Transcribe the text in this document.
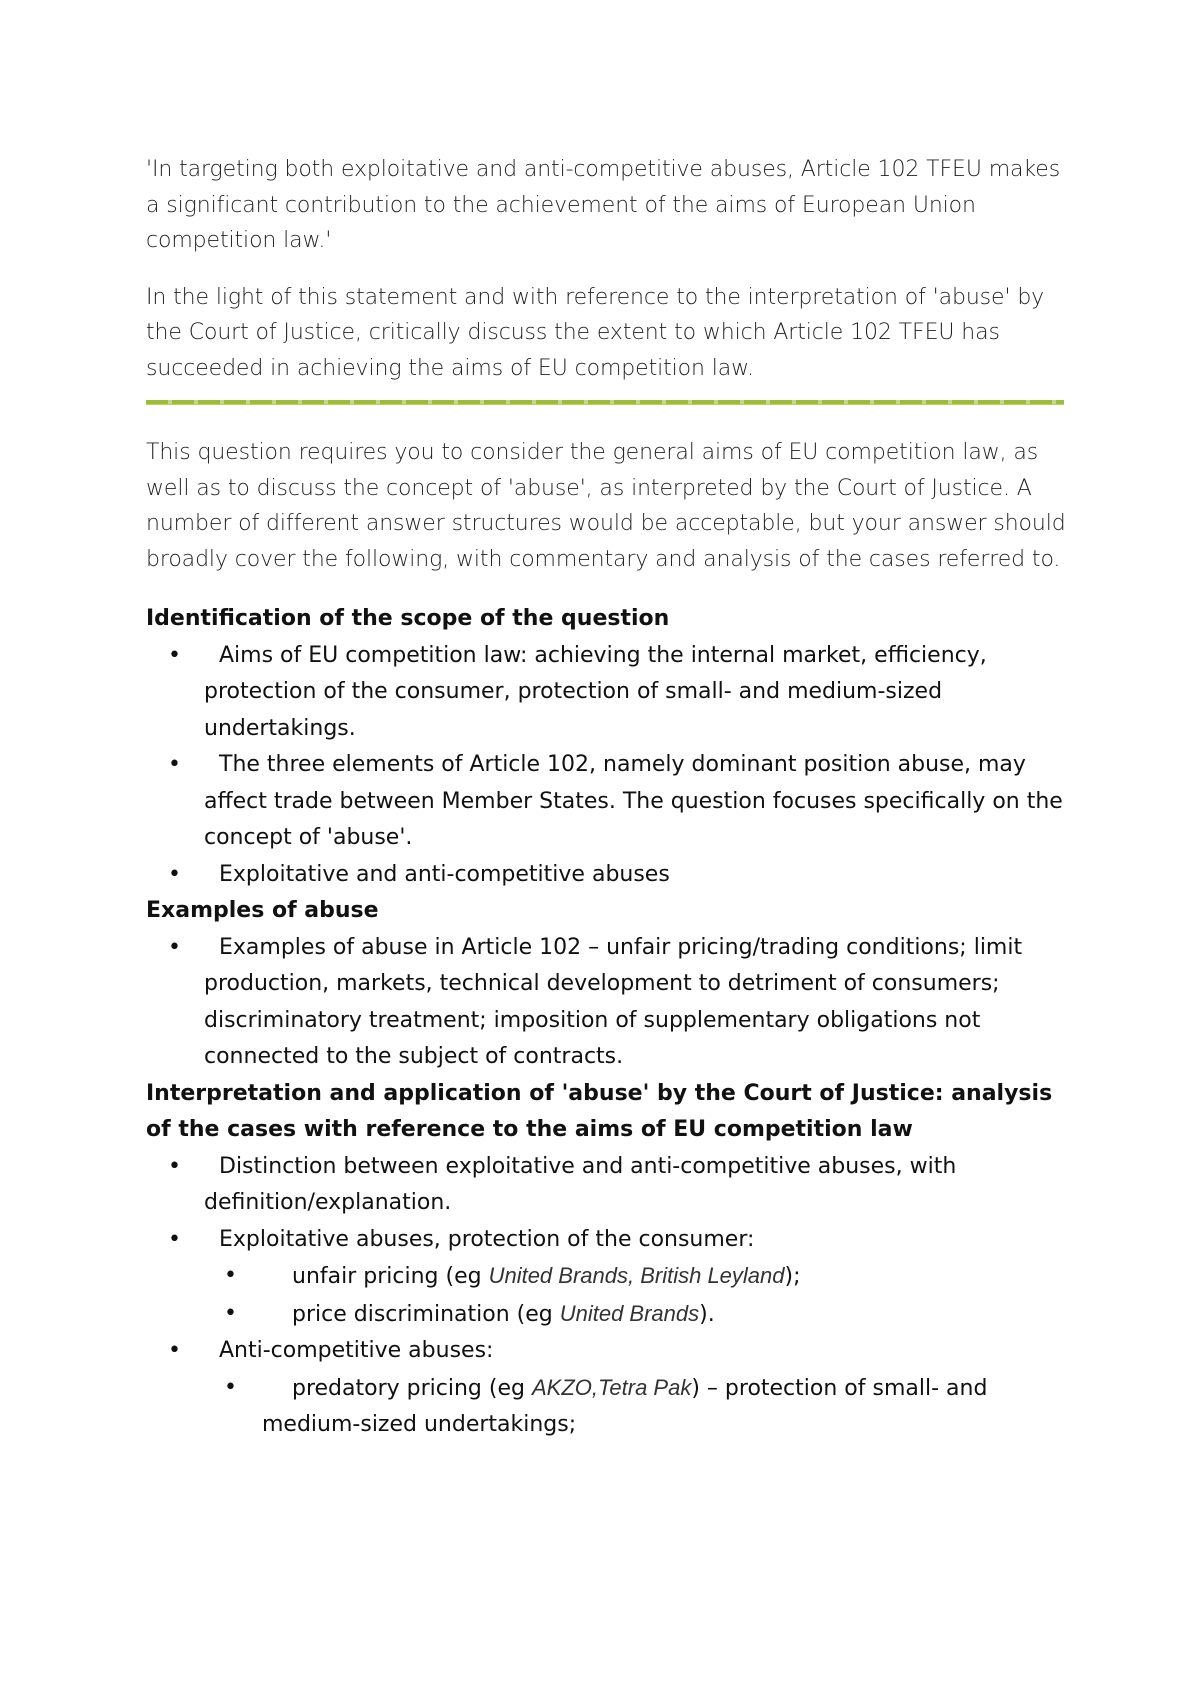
'In targeting both exploitative and anti-competitive abuses, Article 102 TFEU makes a significant contribution to the achievement of the aims of European Union competition law.'

In the light of this statement and with reference to the interpretation of 'abuse' by the Court of Justice, critically discuss the extent to which Article 102 TFEU has succeeded in achieving the aims of EU competition law.

This question requires you to consider the general aims of EU competition law, as well as to discuss the concept of 'abuse', as interpreted by the Court of Justice. A number of different answer structures would be acceptable, but your answer should broadly cover the following, with commentary and analysis of the cases referred to.

Identification of the scope of the question

• Aims of EU competition law: achieving the internal market, efficiency, protection of the consumer, protection of small- and medium-sized undertakings.
• The three elements of Article 102, namely dominant position abuse, may affect trade between Member States. The question focuses specifically on the concept of 'abuse'.
• Exploitative and anti-competitive abuses

Examples of abuse

• Examples of abuse in Article 102 – unfair pricing/trading conditions; limit production, markets, technical development to detriment of consumers; discriminatory treatment; imposition of supplementary obligations not connected to the subject of contracts.

Interpretation and application of 'abuse' by the Court of Justice: analysis of the cases with reference to the aims of EU competition law

• Distinction between exploitative and anti-competitive abuses, with definition/explanation.
• Exploitative abuses, protection of the consumer:
•	unfair pricing (eg United Brands, British Leyland);
•	price discrimination (eg United Brands).
• Anti-competitive abuses:
•	predatory pricing (eg AKZO,Tetra Pak) – protection of small- and medium-sized undertakings;
